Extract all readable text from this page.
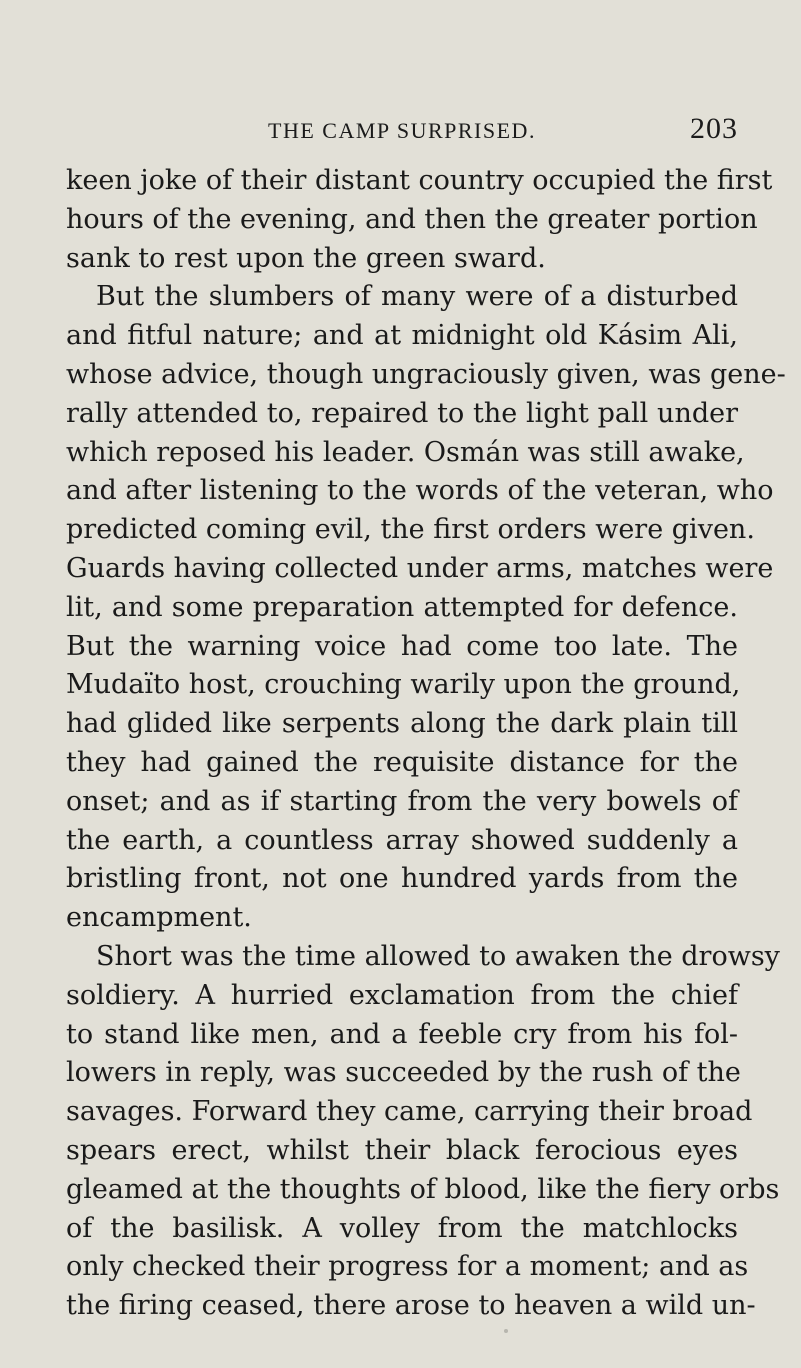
THE CAMP SURPRISED.	203
keen joke of their distant country occupied the first
hours of the evening, and then the greater portion
sank to rest upon the green sward.
But the slumbers of many were of a disturbed
and fitful nature; and at midnight old Kásim Ali,
whose advice, though ungraciously given, was gene-
rally attended to, repaired to the light pall under
which reposed his leader. Osmán was still awake,
and after listening to the words of the veteran, who
predicted coming evil, the first orders were given.
Guards having collected under arms, matches were
lit, and some preparation attempted for defence.
But the warning voice had come too late. The
Mudaïto host, crouching warily upon the ground,
had glided like serpents along the dark plain till
they had gained the requisite distance for the
onset; and as if starting from the very bowels of
the earth, a countless array showed suddenly a
bristling front, not one hundred yards from the
encampment.
Short was the time allowed to awaken the drowsy
soldiery. A hurried exclamation from the chief
to stand like men, and a feeble cry from his fol-
lowers in reply, was succeeded by the rush of the
savages. Forward they came, carrying their broad
spears erect, whilst their black ferocious eyes
gleamed at the thoughts of blood, like the fiery orbs
of the basilisk. A volley from the matchlocks
only checked their progress for a moment; and as
the firing ceased, there arose to heaven a wild un-
